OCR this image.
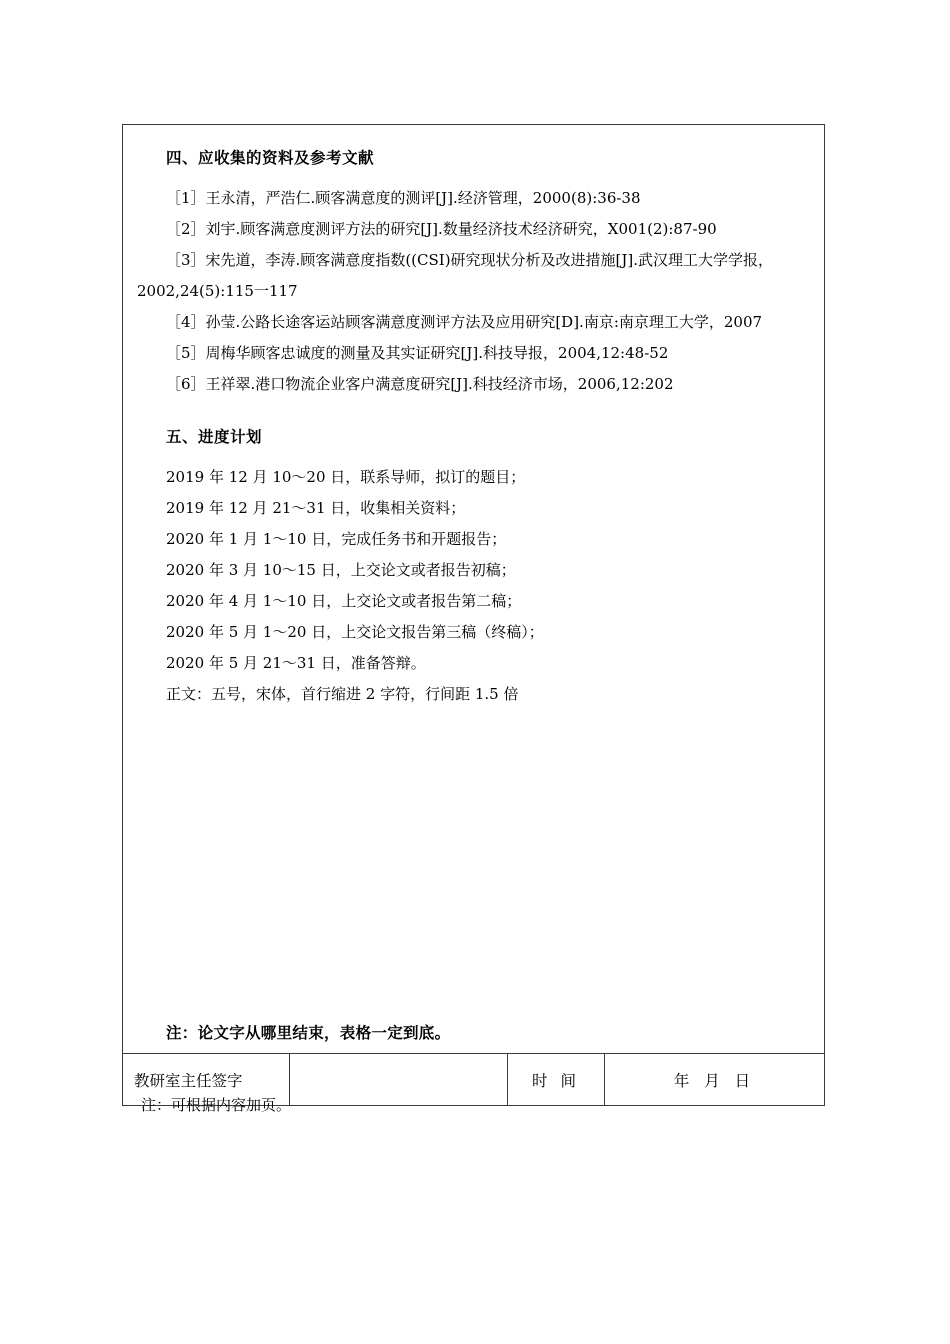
四、应收集的资料及参考文献
［1］王永清，严浩仁.顾客满意度的测评[J].经济管理，2000(8):36-38
［2］刘宇.顾客满意度测评方法的研究[J].数量经济技术经济研究，X001(2):87-90
［3］宋先道，李涛.顾客满意度指数((CSI)研究现状分析及改进措施[J].武汉理工大学学报，2002,24(5):115一117
［4］孙莹.公路长途客运站顾客满意度测评方法及应用研究[D].南京:南京理工大学，2007
［5］周梅华顾客忠诚度的测量及其实证研究[J].科技导报，2004,12:48-52
［6］王祥翠.港口物流企业客户满意度研究[J].科技经济市场，2006,12:202
五、进度计划
2019 年 12 月 10～20 日，联系导师，拟订的题目；
2019 年 12 月 21～31 日，收集相关资料；
2020 年 1 月 1～10 日，完成任务书和开题报告；
2020 年 3 月 10～15 日，上交论文或者报告初稿；
2020 年 4 月 1～10 日，上交论文或者报告第二稿；
2020 年 5 月 1～20 日，上交论文报告第三稿（终稿）；
2020 年 5 月 21～31 日，准备答辩。
正文：五号，宋体，首行缩进 2 字符，行间距 1.5 倍
注：论文字从哪里结束，表格一定到底。
教研室主任签字	时 间	年 月 日
注：可根据内容加页。
